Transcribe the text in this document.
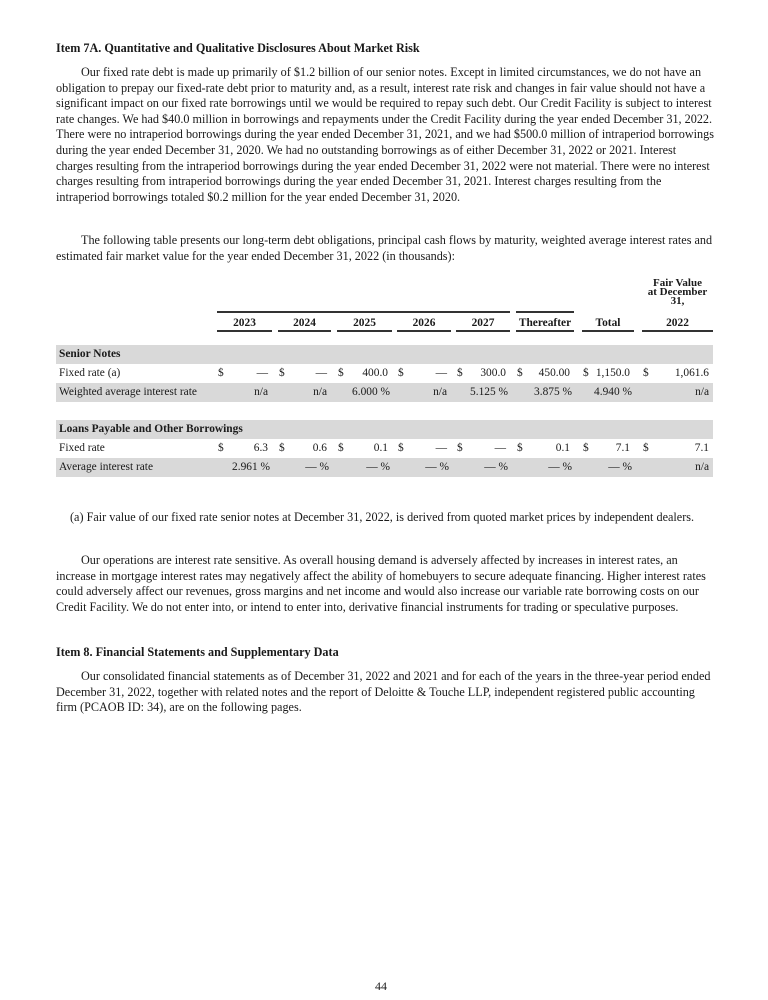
Item 7A. Quantitative and Qualitative Disclosures About Market Risk

Our fixed rate debt is made up primarily of $1.2 billion of our senior notes. Except in limited circumstances, we do not have an obligation to prepay our fixed-rate debt prior to maturity and, as a result, interest rate risk and changes in fair value should not have a significant impact on our fixed rate borrowings until we would be required to repay such debt. Our Credit Facility is subject to interest rate changes. We had $40.0 million in borrowings and repayments under the Credit Facility during the year ended December 31, 2022. There were no intraperiod borrowings during the year ended December 31, 2021, and we had $500.0 million of intraperiod borrowings during the year ended December 31, 2020. We had no outstanding borrowings as of either December 31, 2022 or 2021. Interest charges resulting from the intraperiod borrowings during the year ended December 31, 2022 were not material. There were no interest charges resulting from intraperiod borrowings during the year ended December 31, 2021. Interest charges resulting from the intraperiod borrowings totaled $0.2 million for the year ended December 31, 2020.

The following table presents our long-term debt obligations, principal cash flows by maturity, weighted average interest rates and estimated fair market value for the year ended December 31, 2022 (in thousands):

Fair Value
at December
31,
2023	2024	2025	2026	2027	Thereafter	Total	2022
Senior Notes
Fixed rate (a)	$	— $	— $ 400.0 $	— $ 300.0 $ 450.00 $ 1,150.0 $ 1,061.6
Weighted average interest rate	n/a	n/a 6.000 %	n/a 5.125 % 3.875 % 4.940 %	n/a
Loans Payable and Other Borrowings
Fixed rate	$	6.3 $ 0.6 $	0.1 $	— $	— $	0.1 $ 7.1 $	7.1
Average interest rate	2.961 %	— %	— %	— %	— %	— %	— %	n/a

(a) Fair value of our fixed rate senior notes at December 31, 2022, is derived from quoted market prices by independent dealers.

Our operations are interest rate sensitive. As overall housing demand is adversely affected by increases in interest rates, an increase in mortgage interest rates may negatively affect the ability of homebuyers to secure adequate financing. Higher interest rates could adversely affect our revenues, gross margins and net income and would also increase our variable rate borrowing costs on our Credit Facility. We do not enter into, or intend to enter into, derivative financial instruments for trading or speculative purposes.

Item 8. Financial Statements and Supplementary Data

Our consolidated financial statements as of December 31, 2022 and 2021 and for each of the years in the three-year period ended December 31, 2022, together with related notes and the report of Deloitte & Touche LLP, independent registered public accounting firm (PCAOB ID: 34), are on the following pages.

44
